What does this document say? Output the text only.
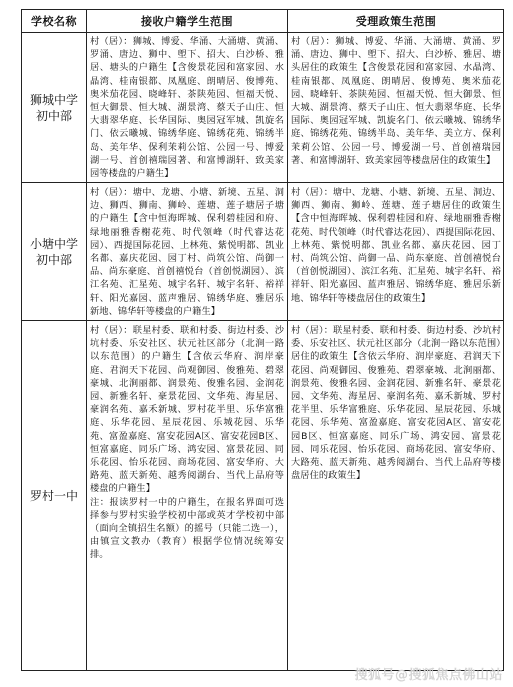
学校名称	接收户籍学生范围	受理政策生范围
狮城中学
初中部
村（居）：狮城、博爱、华涌、大涌塘、黄涌、罗涌、唐边、狮中、塱下、招大、白沙桥、雅居、塘头的户籍生【含俊景花园和富家园、水晶湾、桂南银都、凤凰庭、朗晴居、俊博苑、奥米茄花园、晓峰轩、茶陕苑园、恒福天悦、恒大御景、恒大城、湖景湾、蔡天子山庄、恒大翡翠华庭、长华国际、奥园冠军城、凯旋名门、依云曦城、锦绣华庭、锦绣花苑、锦绣半岛、美年华、保利茉莉公馆、公园一号、博爱湖一号、首创禧瑞园著、和富博湖轩、致美家园等楼盘的户籍生】
村（居）：狮城、博爱、华涌、大涌塘、黄涌、罗涌、唐边、狮中、塱下、招大、白沙桥、雅居、塘头居住的政策生【含俊景花园和富家园、水晶湾、桂南银都、凤凰庭、朗晴居、俊博苑、奥米茄花园、晓峰轩、茶陕苑园、恒福天悦、恒大御景、恒大城、湖景湾、蔡天子山庄、恒大翡翠华庭、长华国际、奥园冠军城、凯旋名门、依云曦城、锦绣华庭、锦绣花苑、锦绣半岛、美年华、美立方、保利茉莉公馆、公园一号、博爱湖一号、首创禧瑞园著、和富博湖轩、致美家园等楼盘居住的政策生】
小塘中学
初中部
村（居）：塘中、龙塘、小塘、新境、五星、洞边、狮西、狮南、狮岭、莲塘、莲子塘居子塘的户籍生【含中恒海晖城、保利碧桂园和府、绿地丽雅香榭花苑、时代领峰（时代睿达花园）、西提国际花园、上林苑、紫悦明都、凯业名都、嘉庆花园、园丁村、尚筑公馆、尚御一品、尚东豪庭、首创禧悦台（首创悦湖园）、滨江名苑、汇星苑、城宇名轩、城宇名轩、裕祥轩、阳光嘉园、蓝声雅居、锦绣华庭、雅居乐新地、锦华轩等楼盘的户籍生】
村（居）：塘中、龙塘、小塘、新境、五星、洞边、狮西、狮南、狮岭、莲塘、莲子塘居住的政策生【含中恒海晖城、保利碧桂园和府、绿地丽雅香榭花苑、时代领峰（时代睿达花园）、西提国际花园、上林苑、紫悦明都、凯业名都、嘉庆花园、园丁村、尚筑公馆、尚御一品、尚东豪庭、首创禧悦台（首创悦湖园）、滨江名苑、汇星苑、城宇名轩、裕祥轩、阳光嘉园、蓝声雅居、锦绣华庭、雅居乐新地、锦华轩等楼盘居住的政策生】
罗村一中

村（居）：联星村委、联和村委、街边村委、沙坑村委、乐安社区、状元社区部分（北涧一路以东范围）的户籍生【含依云华府、润岸豪庭、君润天下花园、尚观御园、俊雅苑、碧翠豪城、北涧丽都、润景苑、俊雅名园、金润花园、新雅名轩、豪景花园、文华苑、海星居、豪润名苑、嘉禾新城、罗村花半里、乐华富雅庭、乐华花园、星辰花园、乐城花园、乐华苑、富盈嘉庭、富安花园A区、富安花园B区、恒富嘉庭、同乐广场、鸿安园、富景花园、同乐花园、怡乐花园、商场花园、富安华府、大路苑、蓝天新苑、越秀阅湖台、当代上品府等楼盘的户籍生】

注：报读罗村一中的户籍生，在报名界面可选择参与罗村实验学校初中部或英才学校初中部（面向全镇招生名额）的摇号（只能二选一），由镇宣文教办（教育）根据学位情况统筹安排。

村（居）：联星村委、联和村委、街边村委、沙坑村委、乐安社区、状元社区部分（北涧一路以东范围）居住的政策生【含依云华府、润岸豪庭、君润天下花园、尚观御园、俊雅苑、碧翠豪城、北涧丽都、润景苑、俊雅名园、金润花园、新雅名轩、豪景花园、文华苑、海星居、豪润名苑、嘉禾新城、罗村花半里、乐华富雅庭、乐华花园、星辰花园、乐城花园、乐华苑、富盈嘉庭、富安花园A区、富安花园B区、恒富嘉庭、同乐广场、鸿安园、富景花园、同乐花园、怡乐花园、商场花园、富安华府、大路苑、蓝天新苑、越秀阅湖台、当代上品府等楼盘居住的政策生】
搜狐号@搜狐焦点佛山站
